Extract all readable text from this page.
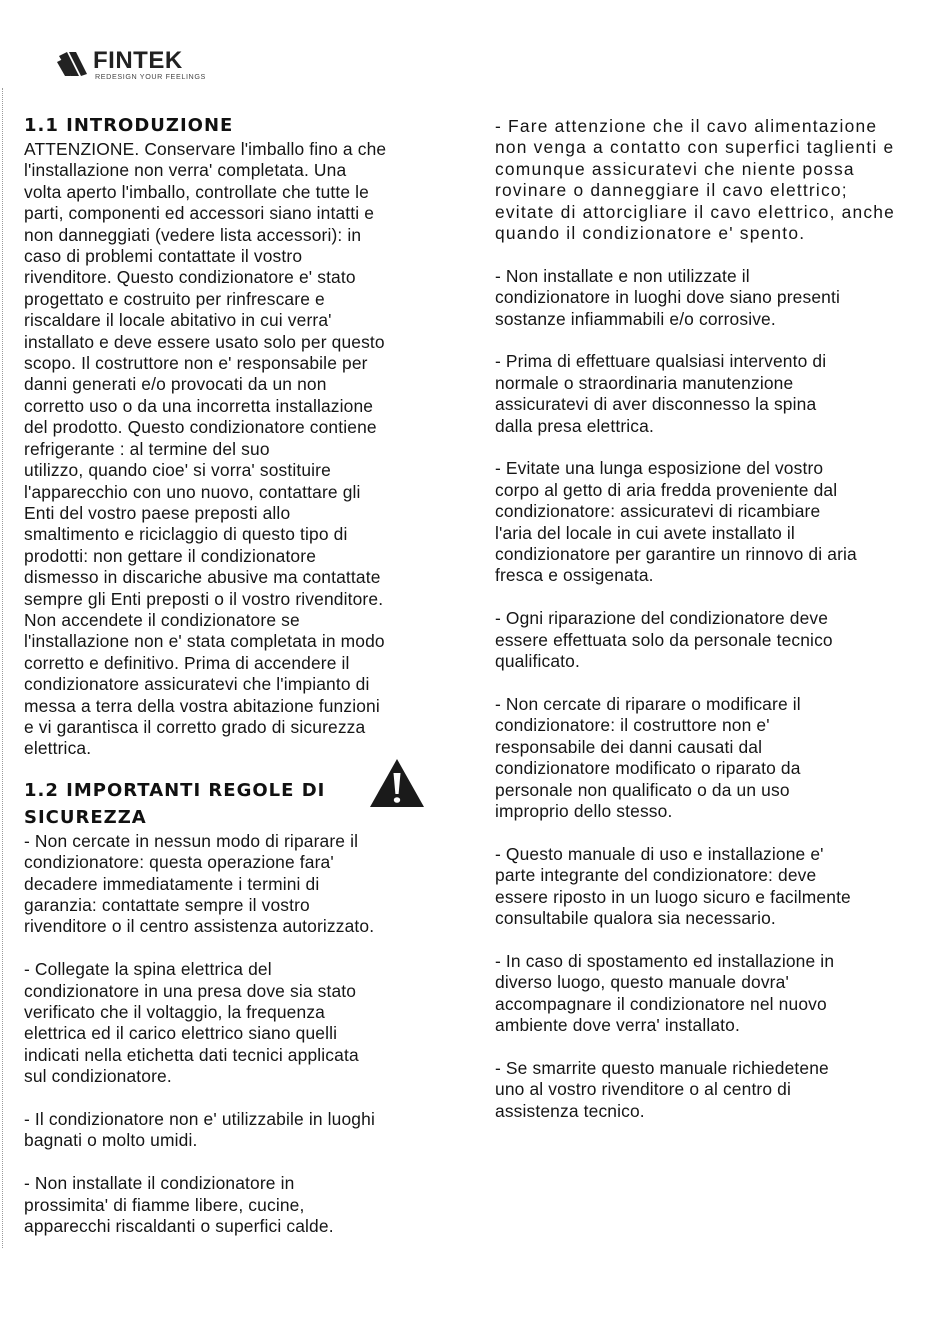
FINTEK
REDESIGN YOUR FEELINGS
1.1 INTRODUZIONE

ATTENZIONE. Conservare l'imballo fino a che
l'installazione non verra' completata. Una
volta aperto l'imballo, controllate che tutte le
parti, componenti ed accessori siano intatti e
non danneggiati (vedere lista accessori): in
caso di problemi contattate il vostro
rivenditore. Questo condizionatore e' stato
progettato e costruito per rinfrescare e
riscaldare il locale abitativo in cui verra'
installato e deve essere usato solo per questo
scopo. Il costruttore non e' responsabile per
danni generati e/o provocati da un non
corretto uso o da una incorretta installazione
del prodotto. Questo condizionatore contiene
refrigerante : al termine del suo
utilizzo, quando cioe' si vorra' sostituire
l'apparecchio con uno nuovo, contattare gli
Enti del vostro paese preposti allo
smaltimento e riciclaggio di questo tipo di
prodotti: non gettare il condizionatore
dismesso in discariche abusive ma contattate
sempre gli Enti preposti o il vostro rivenditore.
Non accendete il condizionatore se
l'installazione non e' stata completata in modo
corretto e definitivo. Prima di accendere il
condizionatore assicuratevi che l'impianto di
messa a terra della vostra abitazione funzioni
e vi garantisca il corretto grado di sicurezza
elettrica.

1.2 IMPORTANTI REGOLE DI
SICUREZZA

- Non cercate in nessun modo di riparare il
condizionatore: questa operazione fara'
decadere immediatamente i termini di
garanzia: contattate sempre il vostro
rivenditore o il centro assistenza autorizzato.

- Collegate la spina elettrica del
condizionatore in una presa dove sia stato
verificato che il voltaggio, la frequenza
elettrica ed il carico elettrico siano quelli
indicati nella etichetta dati tecnici applicata
sul condizionatore.

- Il condizionatore non e' utilizzabile in luoghi
bagnati o molto umidi.

- Non installate il condizionatore in
prossimita' di fiamme libere, cucine,
apparecchi riscaldanti o superfici calde.

- Fare attenzione che il cavo alimentazione
non venga a contatto con superfici taglienti e
comunque assicuratevi che niente possa
rovinare o danneggiare il cavo elettrico;
evitate di attorcigliare il cavo elettrico, anche
quando il condizionatore e' spento.

- Non installate e non utilizzate il
condizionatore in luoghi dove siano presenti
sostanze infiammabili e/o corrosive.

- Prima di effettuare qualsiasi intervento di
normale o straordinaria manutenzione
assicuratevi di aver disconnesso la spina
dalla presa elettrica.

- Evitate una lunga esposizione del vostro
corpo al getto di aria fredda proveniente dal
condizionatore: assicuratevi di ricambiare
l'aria del locale in cui avete installato il
condizionatore per garantire un rinnovo di aria
fresca e ossigenata.

- Ogni riparazione del condizionatore deve
essere effettuata solo da personale tecnico
qualificato.

- Non cercate di riparare o modificare il
condizionatore: il costruttore non e'
responsabile dei danni causati dal
condizionatore modificato o riparato da
personale non qualificato o da un uso
improprio dello stesso.

- Questo manuale di uso e installazione e'
parte integrante del condizionatore: deve
essere riposto in un luogo sicuro e facilmente
consultabile qualora sia necessario.

- In caso di spostamento ed installazione in
diverso luogo, questo manuale dovra'
accompagnare il condizionatore nel nuovo
ambiente dove verra' installato.

- Se smarrite questo manuale richiedetene
uno al vostro rivenditore o al centro di
assistenza tecnico.
